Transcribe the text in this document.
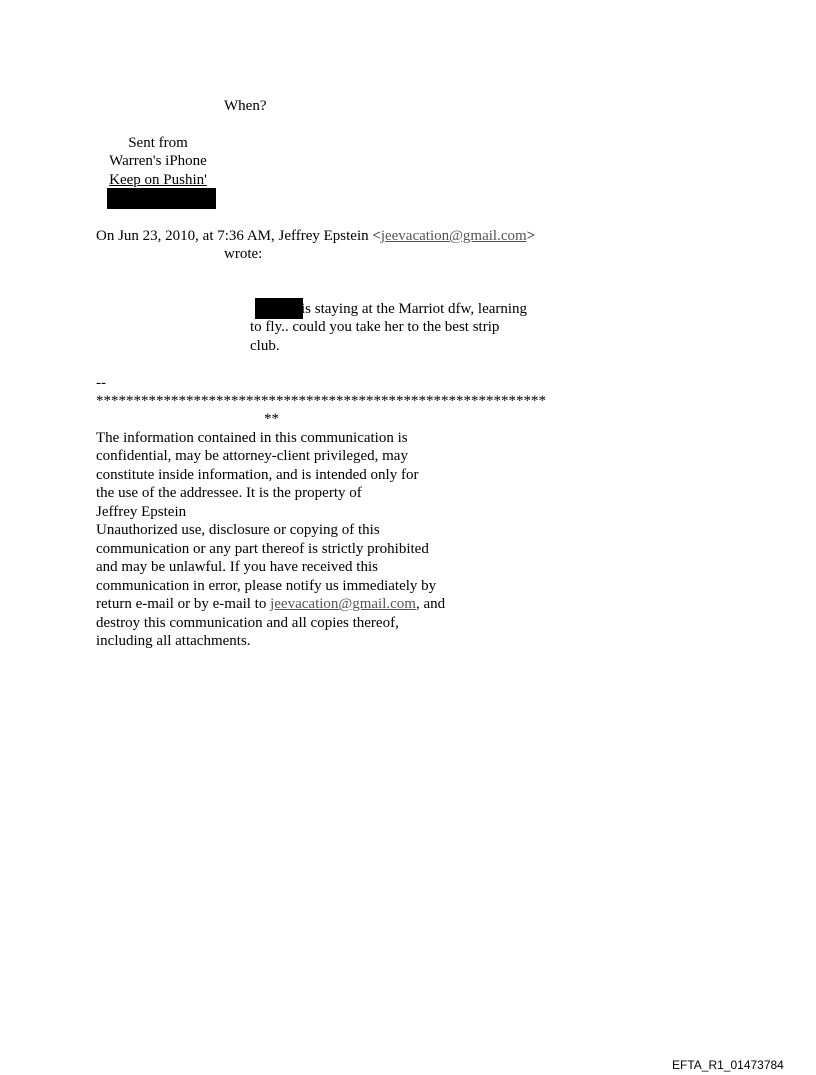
When?
Sent from
Warren's iPhone
Keep on Pushin'
On Jun 23, 2010, at 7:36 AM, Jeffrey Epstein <jeevacation@gmail.com>
wrote:
is staying at the Marriot dfw, learning
to fly.. could you take her to the best strip
club.
--
************************************************************
**
The information contained in this communication is
confidential, may be attorney-client privileged, may
constitute inside information, and is intended only for
the use of the addressee. It is the property of
Jeffrey Epstein
Unauthorized use, disclosure or copying of this
communication or any part thereof is strictly prohibited
and may be unlawful. If you have received this
communication in error, please notify us immediately by
return e-mail or by e-mail to jeevacation@gmail.com, and
destroy this communication and all copies thereof,
including all attachments.
EFTA_R1_01473784
